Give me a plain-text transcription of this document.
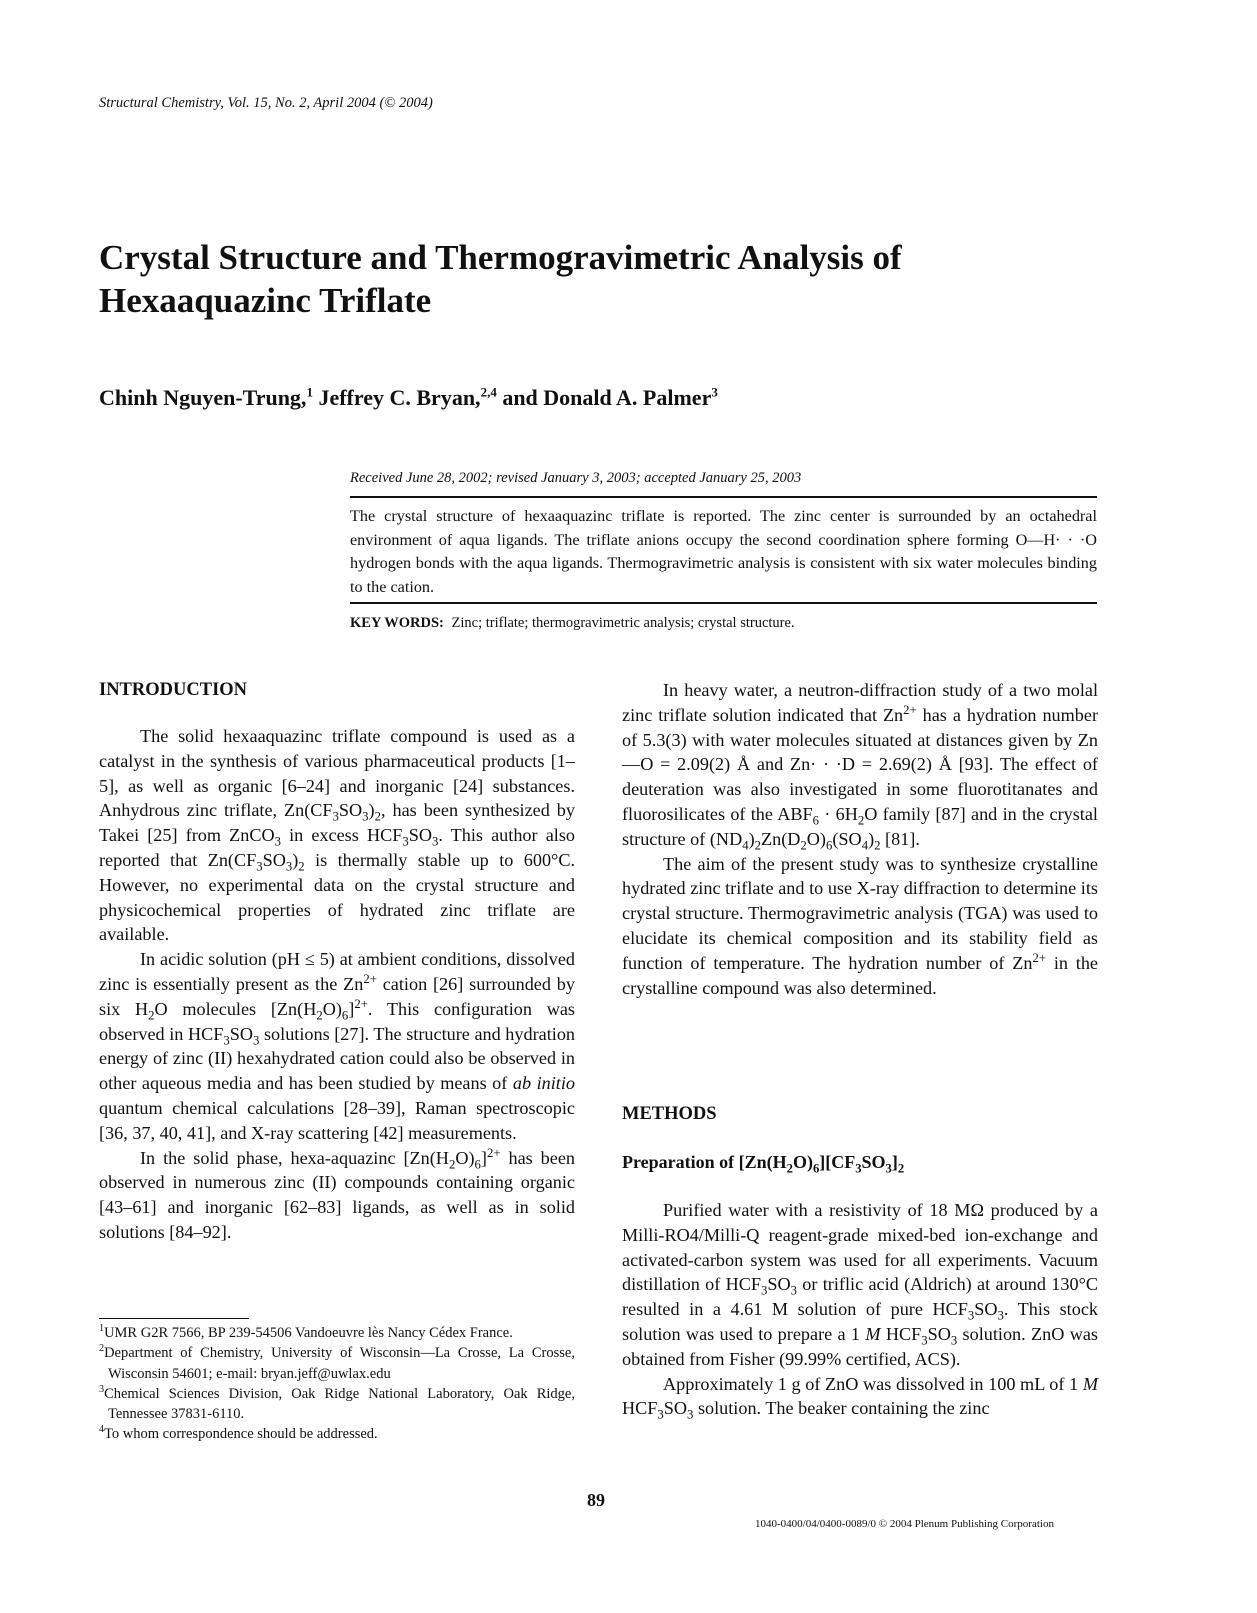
Structural Chemistry, Vol. 15, No. 2, April 2004 (© 2004)
Crystal Structure and Thermogravimetric Analysis of Hexaaquazinc Triflate
Chinh Nguyen-Trung,$^1$ Jeffrey C. Bryan,$^{2,4}$ and Donald A. Palmer$^3$
Received June 28, 2002; revised January 3, 2003; accepted January 25, 2003
The crystal structure of hexaaquazinc triflate is reported. The zinc center is surrounded by an octahedral environment of aqua ligands. The triflate anions occupy the second coordination sphere forming O—H· · ·O hydrogen bonds with the aqua ligands. Thermogravimetric analysis is consistent with six water molecules binding to the cation.
KEY WORDS: Zinc; triflate; thermogravimetric analysis; crystal structure.
INTRODUCTION

The solid hexaaquazinc triflate compound is used as a catalyst in the synthesis of various pharmaceutical products [1–5], as well as organic [6–24] and inorganic [24] substances. Anhydrous zinc triflate, $Zn(CF_3SO_3)_2$, has been synthesized by Takei [25] from ZnCO$_3$ in excess $HCF_3SO_3$. This author also reported that $Zn(CF_3SO_3)_2$ is thermally stable up to 600°C. However, no experimental data on the crystal structure and physicochemical properties of hydrated zinc triflate are available.

In acidic solution (pH ≤ 5) at ambient conditions, dissolved zinc is essentially present as the $Zn^{2+}$ cation [26] surrounded by six $H_2O$ molecules $[Zn(H_2O)_6]^{2+}$. This configuration was observed in $HCF_3SO_3$ solutions [27]. The structure and hydration energy of zinc (II) hexahydrated cation could also be observed in other aqueous media and has been studied by means of ab initio quantum chemical calculations [28–39], Raman spectroscopic [36, 37, 40, 41], and X-ray scattering [42] measurements.

In the solid phase, hexa-aquazinc $[Zn(H_2O)_6]^{2+}$ has been observed in numerous zinc (II) compounds containing organic [43–61] and inorganic [62–83] ligands, as well as in solid solutions [84–92].

In heavy water, a neutron-diffraction study of a two molal zinc triflate solution indicated that $Zn^{2+}$ has a hydration number of 5.3(3) with water molecules situated at distances given by Zn—O = 2.09(2) Å and Zn· · ·D = 2.69(2) Å [93]. The effect of deuteration was also investigated in some fluorotitanates and fluorosilicates of the $ABF_6 \cdot 6H_2O$ family [87] and in the crystal structure of $(ND_4)_2Zn(D_2O)_6(SO_4)_2$ [81].

The aim of the present study was to synthesize crystalline hydrated zinc triflate and to use X-ray diffraction to determine its crystal structure. Thermogravimetric analysis (TGA) was used to elucidate its chemical composition and its stability field as function of temperature. The hydration number of $Zn^{2+}$ in the crystalline compound was also determined.

METHODS
Preparation of $[Zn(H_2O)_6][CF_3SO_3]_2$

Purified water with a resistivity of 18 MΩ produced by a Milli-RO4/Milli-Q reagent-grade mixed-bed ion-exchange and activated-carbon system was used for all experiments. Vacuum distillation of $HCF_3SO_3$ or triflic acid (Aldrich) at around 130°C resulted in a 4.61 M solution of pure $HCF_3SO_3$. This stock solution was used to prepare a 1 M $HCF_3SO_3$ solution. ZnO was obtained from Fisher (99.99% certified, ACS).

Approximately 1 g of ZnO was dissolved in 100 mL of 1 M $HCF_3SO_3$ solution. The beaker containing the zinc

$^1$UMR G2R 7566, BP 239-54506 Vandoeuvre lès Nancy Cédex France.

$^2$Department of Chemistry, University of Wisconsin—La Crosse, La Crosse, Wisconsin 54601; e-mail: bryan.jeff@uwlax.edu

$^3$Chemical Sciences Division, Oak Ridge National Laboratory, Oak Ridge, Tennessee 37831-6110.

$^4$To whom correspondence should be addressed.

89
1040-0400/04/0400-0089/0 © 2004 Plenum Publishing Corporation
